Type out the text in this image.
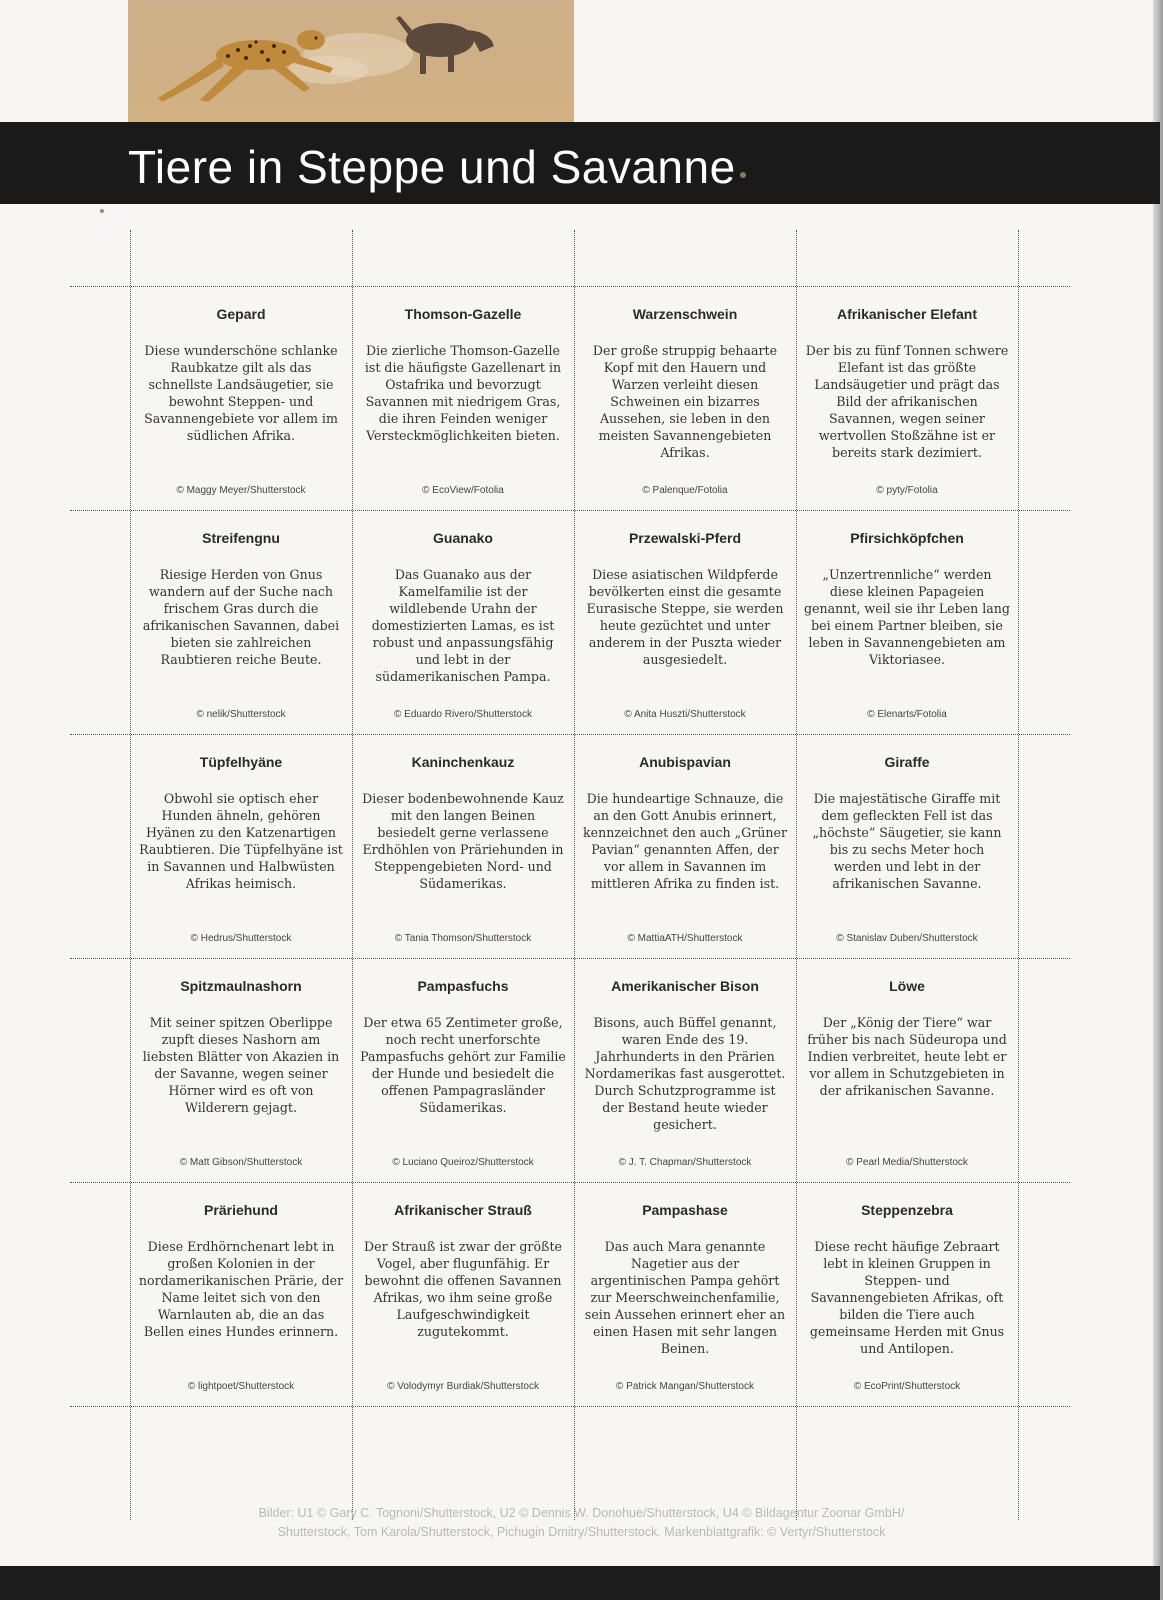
Tiere in Steppe und Savanne
Gepard

Diese wunderschöne schlanke Raubkatze gilt als das schnellste Landsäugetier, sie bewohnt Steppen- und Savannengebiete vor allem im südlichen Afrika.

© Maggy Meyer/Shutterstock
Thomson-Gazelle

Die zierliche Thomson-Gazelle ist die häufigste Gazellenart in Ostafrika und bevorzugt Savannen mit niedrigem Gras, die ihren Feinden weniger Versteckmöglichkeiten bieten.

© EcoView/Fotolia
Warzenschwein

Der große struppig behaarte Kopf mit den Hauern und Warzen verleiht diesen Schweinen ein bizarres Aussehen, sie leben in den meisten Savannengebieten Afrikas.

© Palenque/Fotolia
Afrikanischer Elefant

Der bis zu fünf Tonnen schwere Elefant ist das größte Landsäugetier und prägt das Bild der afrikanischen Savannen, wegen seiner wertvollen Stoßzähne ist er bereits stark dezimiert.

© pyty/Fotolia
Streifengnu

Riesige Herden von Gnus wandern auf der Suche nach frischem Gras durch die afrikanischen Savannen, dabei bieten sie zahlreichen Raubtieren reiche Beute.

© nelik/Shutterstock
Guanako

Das Guanako aus der Kamelfamilie ist der wildlebende Urahn der domestizierten Lamas, es ist robust und anpassungsfähig und lebt in der südamerikanischen Pampa.

© Eduardo Rivero/Shutterstock
Przewalski-Pferd

Diese asiatischen Wildpferde bevölkerten einst die gesamte Eurasische Steppe, sie werden heute gezüchtet und unter anderem in der Puszta wieder ausgesiedelt.

© Anita Huszti/Shutterstock
Pfirsichköpfchen

„Unzertrennliche“ werden diese kleinen Papageien genannt, weil sie ihr Leben lang bei einem Partner bleiben, sie leben in Savannengebieten am Viktoriasee.

© Elenarts/Fotolia
Tüpfelhyäne

Obwohl sie optisch eher Hunden ähneln, gehören Hyänen zu den Katzenartigen Raubtieren. Die Tüpfelhyäne ist in Savannen und Halbwüsten Afrikas heimisch.

© Hedrus/Shutterstock
Kaninchenkauz

Dieser bodenbewohnende Kauz mit den langen Beinen besiedelt gerne verlassene Erdhöhlen von Präriehunden in Steppengebieten Nord- und Südamerikas.

© Tania Thomson/Shutterstock
Anubispavian

Die hundeartige Schnauze, die an den Gott Anubis erinnert, kennzeichnet den auch „Grüner Pavian“ genannten Affen, der vor allem in Savannen im mittleren Afrika zu finden ist.

© MattiaATH/Shutterstock
Giraffe

Die majestätische Giraffe mit dem gefleckten Fell ist das „höchste“ Säugetier, sie kann bis zu sechs Meter hoch werden und lebt in der afrikanischen Savanne.

© Stanislav Duben/Shutterstock
Spitzmaulnashorn

Mit seiner spitzen Oberlippe zupft dieses Nashorn am liebsten Blätter von Akazien in der Savanne, wegen seiner Hörner wird es oft von Wilderern gejagt.

© Matt Gibson/Shutterstock
Pampasfuchs

Der etwa 65 Zentimeter große, noch recht unerforschte Pampasfuchs gehört zur Familie der Hunde und besiedelt die offenen Pampagrasländer Südamerikas.

© Luciano Queiroz/Shutterstock
Amerikanischer Bison

Bisons, auch Büffel genannt, waren Ende des 19. Jahrhunderts in den Prärien Nordamerikas fast ausgerottet. Durch Schutzprogramme ist der Bestand heute wieder gesichert.

© J. T. Chapman/Shutterstock
Löwe

Der „König der Tiere“ war früher bis nach Südeuropa und Indien verbreitet, heute lebt er vor allem in Schutzgebieten in der afrikanischen Savanne.

© Pearl Media/Shutterstock
Präriehund

Diese Erdhörnchenart lebt in großen Kolonien in der nordamerikanischen Prärie, der Name leitet sich von den Warnlauten ab, die an das Bellen eines Hundes erinnern.

© lightpoet/Shutterstock
Afrikanischer Strauß

Der Strauß ist zwar der größte Vogel, aber flugunfähig. Er bewohnt die offenen Savannen Afrikas, wo ihm seine große Laufgeschwindigkeit zugutekommt.

© Volodymyr Burdiak/Shutterstock
Pampashase

Das auch Mara genannte Nagetier aus der argentinischen Pampa gehört zur Meerschweinchenfamilie, sein Aussehen erinnert eher an einen Hasen mit sehr langen Beinen.

© Patrick Mangan/Shutterstock
Steppenzebra

Diese recht häufige Zebraart lebt in kleinen Gruppen in Steppen- und Savannengebieten Afrikas, oft bilden die Tiere auch gemeinsame Herden mit Gnus und Antilopen.

© EcoPrint/Shutterstock
Bilder: U1 © Gary C. Tognoni/Shutterstock, U2 © Dennis W. Donohue/Shutterstock, U4 © Bildagentur Zoonar GmbH/
Shutterstock, Tom Karola/Shutterstock, Pichugin Dmitry/Shutterstock. Markenblattgrafik: © Vertyr/Shutterstock
